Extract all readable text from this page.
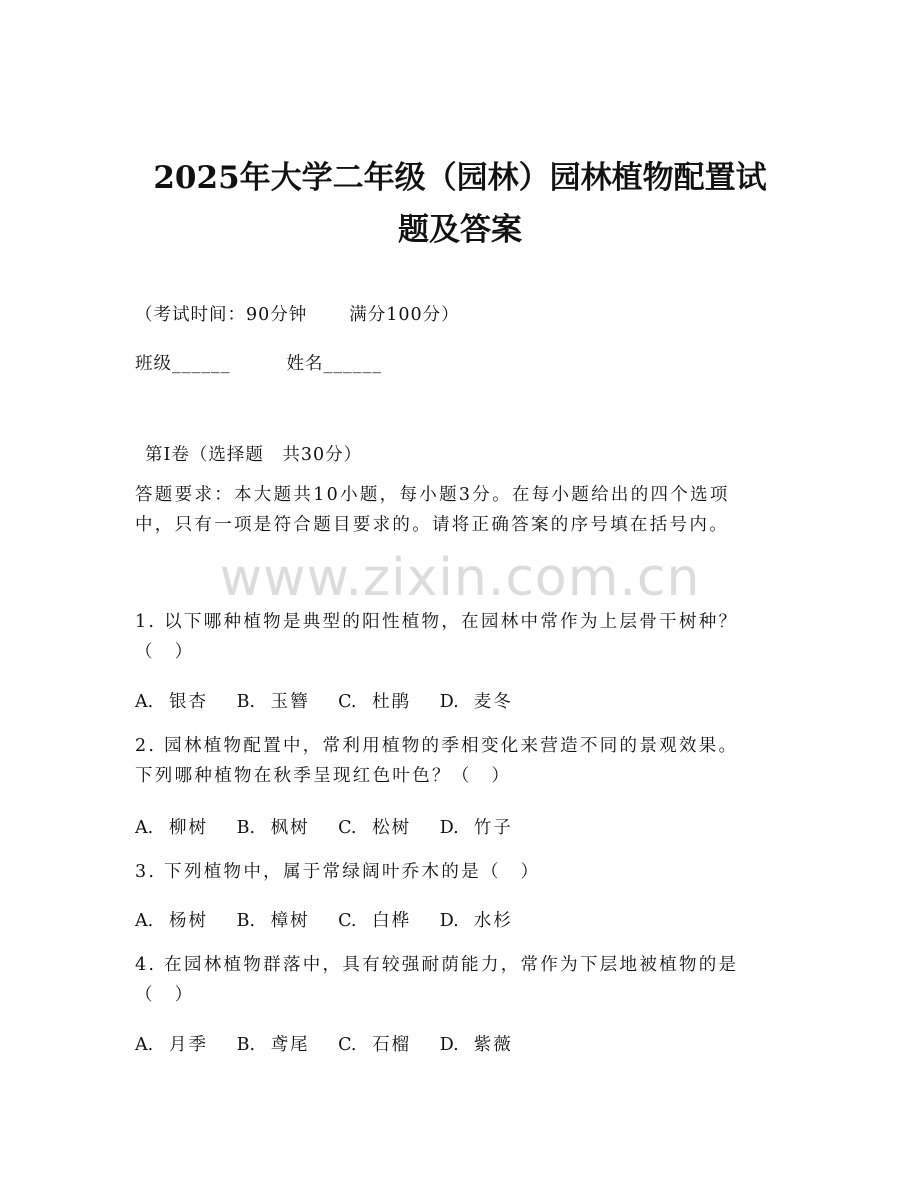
2025年大学二年级（园林）园林植物配置试
题及答案
（考试时间：90分钟 满分100分）
班级______	姓名______
第Ⅰ卷（选择题　共30分）
答题要求：本大题共10小题，每小题3分。在每小题给出的四个选项
中，只有一项是符合题目要求的。请将正确答案的序号填在括号内。
www.zixin.com.cn
1. 以下哪种植物是典型的阳性植物，在园林中常作为上层骨干树种？
（　）
A. 银杏 B. 玉簪 C. 杜鹃 D. 麦冬
2. 园林植物配置中，常利用植物的季相变化来营造不同的景观效果。
下列哪种植物在秋季呈现红色叶色？（　）
A. 柳树 B. 枫树 C. 松树 D. 竹子
3. 下列植物中，属于常绿阔叶乔木的是（　）
A. 杨树 B. 樟树 C. 白桦 D. 水杉
4. 在园林植物群落中，具有较强耐荫能力，常作为下层地被植物的是
（　）
A. 月季 B. 鸢尾 C. 石榴 D. 紫薇
